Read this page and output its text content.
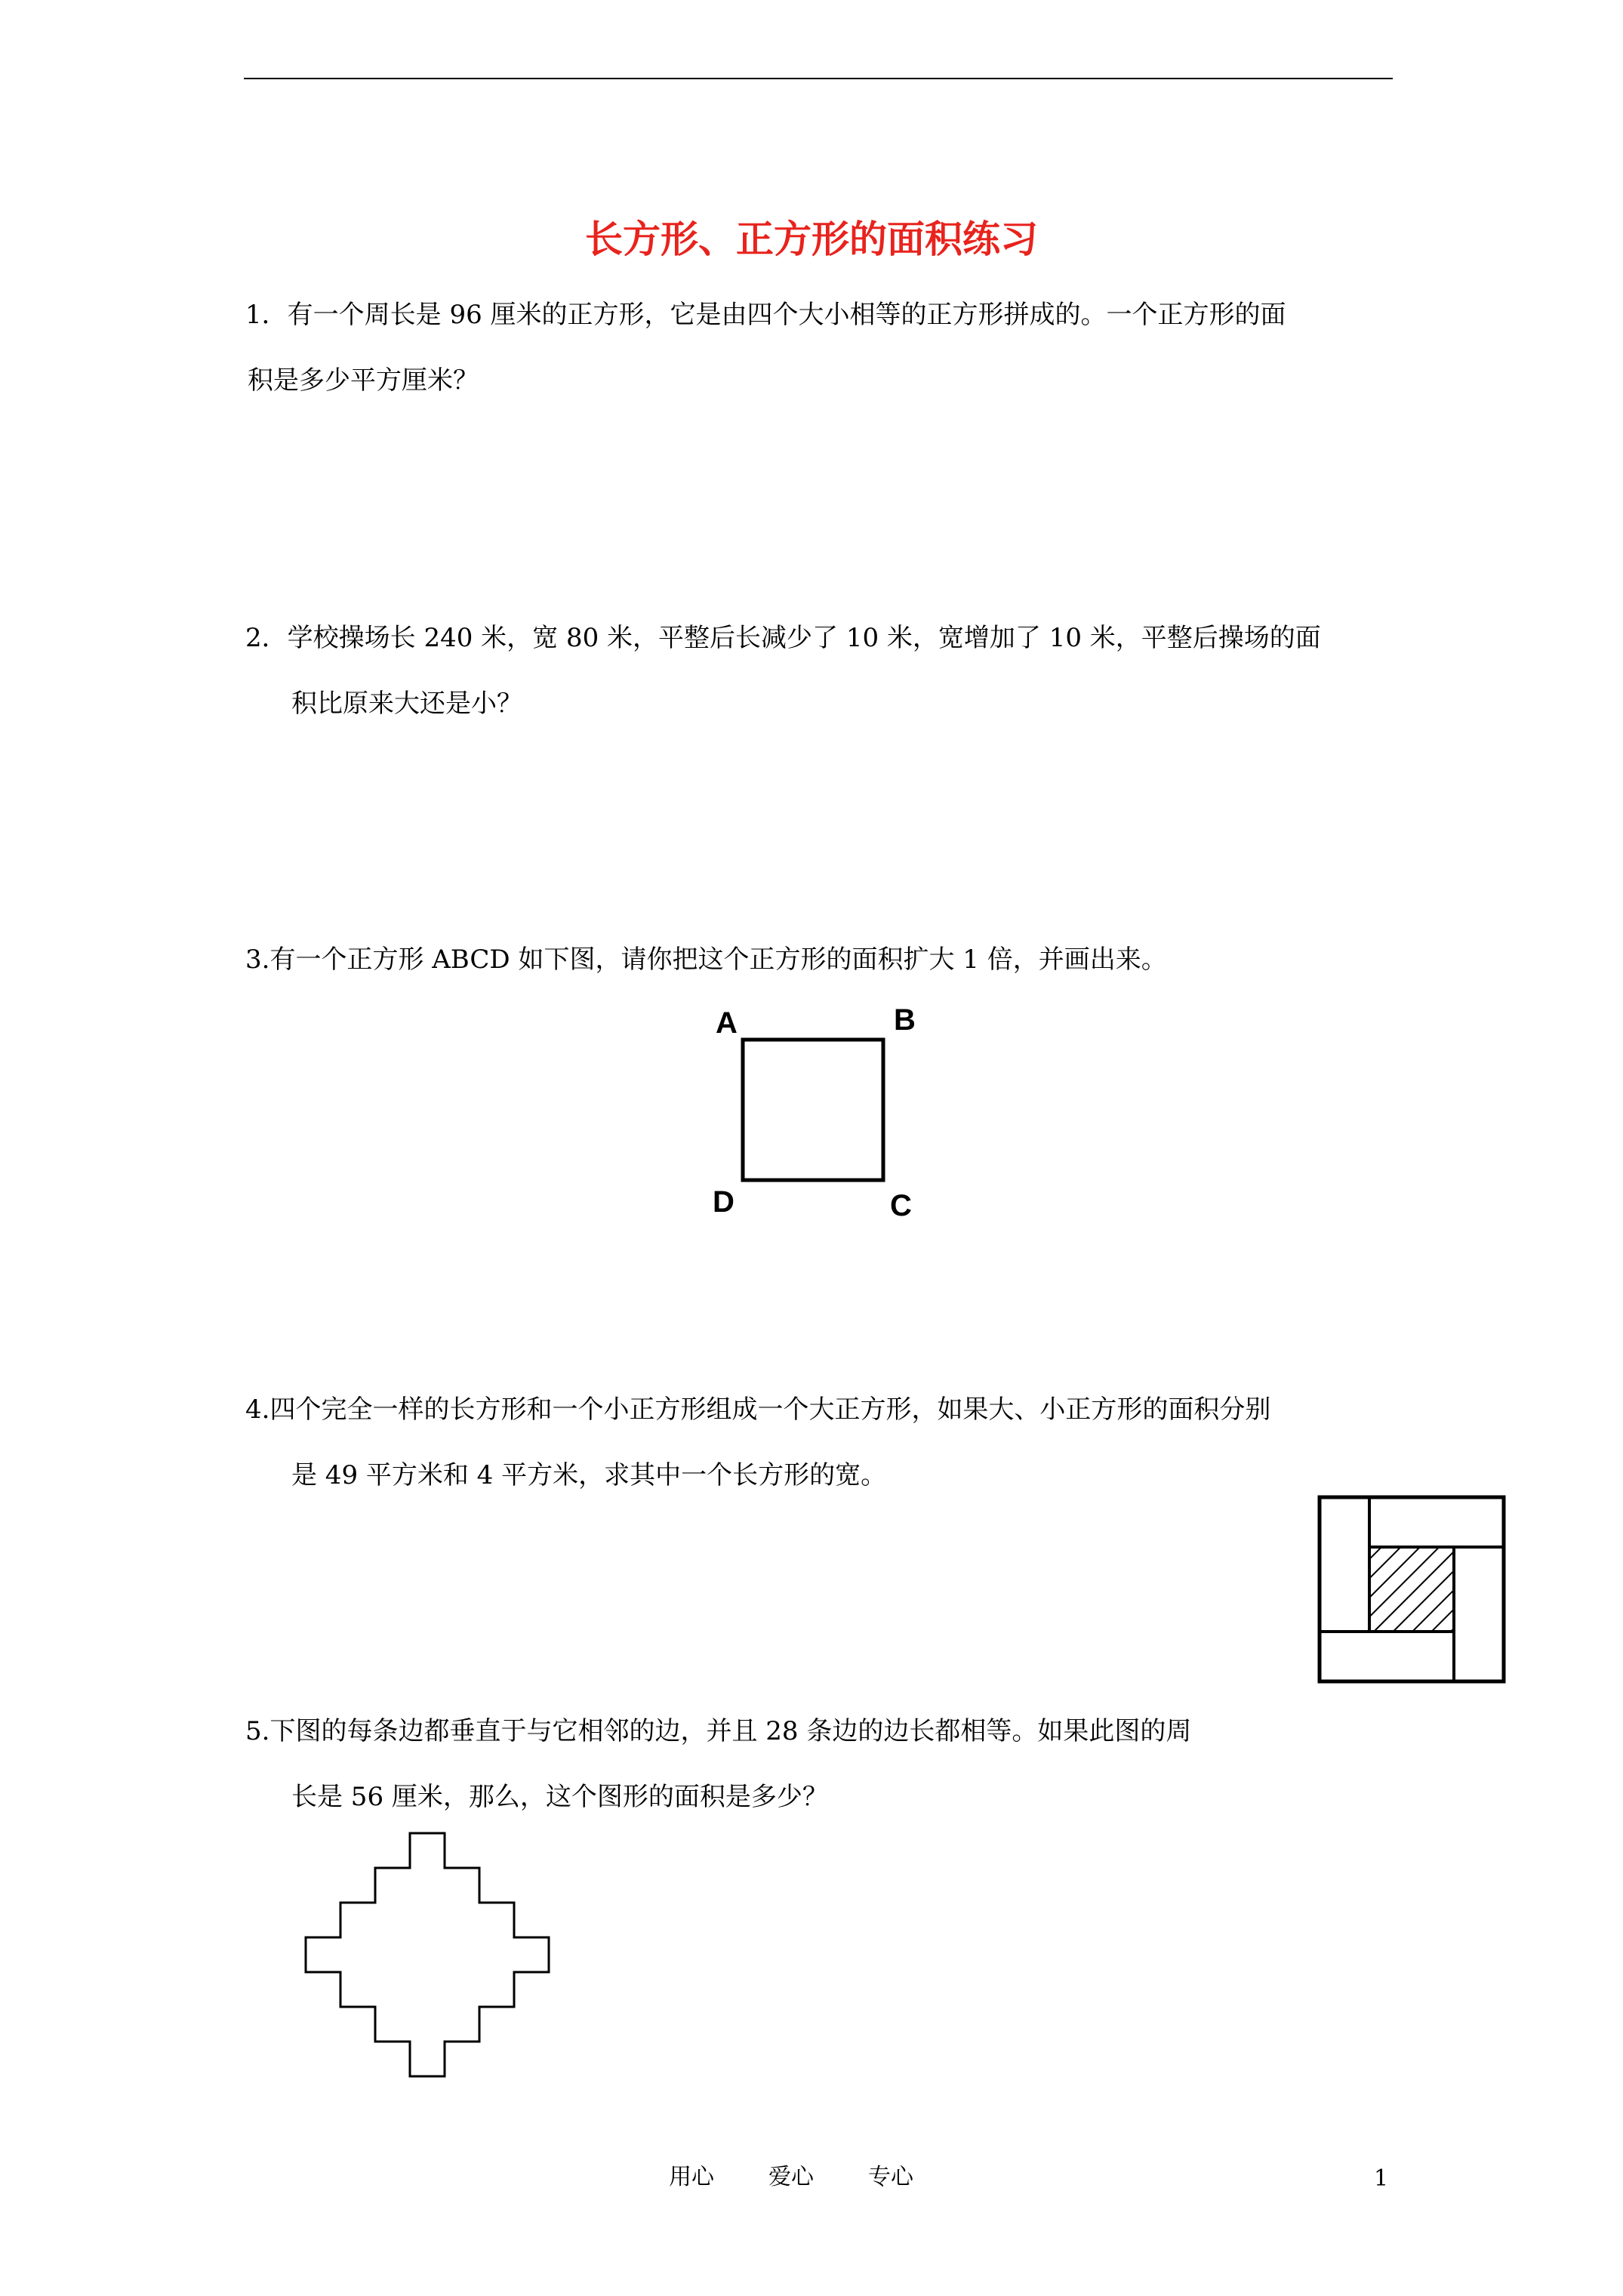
长方形、正方形的面积练习
1．有一个周长是 96 厘米的正方形，它是由四个大小相等的正方形拼成的。一个正方形的面
积是多少平方厘米？
2．学校操场长 240 米，宽 80 米，平整后长减少了 10 米，宽增加了 10 米，平整后操场的面
积比原来大还是小？
3.有一个正方形 ABCD 如下图，请你把这个正方形的面积扩大 1 倍，并画出来。
A	B
D	C
4.四个完全一样的长方形和一个小正方形组成一个大正方形，如果大、小正方形的面积分别
是 49 平方米和 4 平方米，求其中一个长方形的宽。
5.下图的每条边都垂直于与它相邻的边，并且 28 条边的边长都相等。如果此图的周
长是 56 厘米，那么，这个图形的面积是多少？
用心 爱心 专心	1
